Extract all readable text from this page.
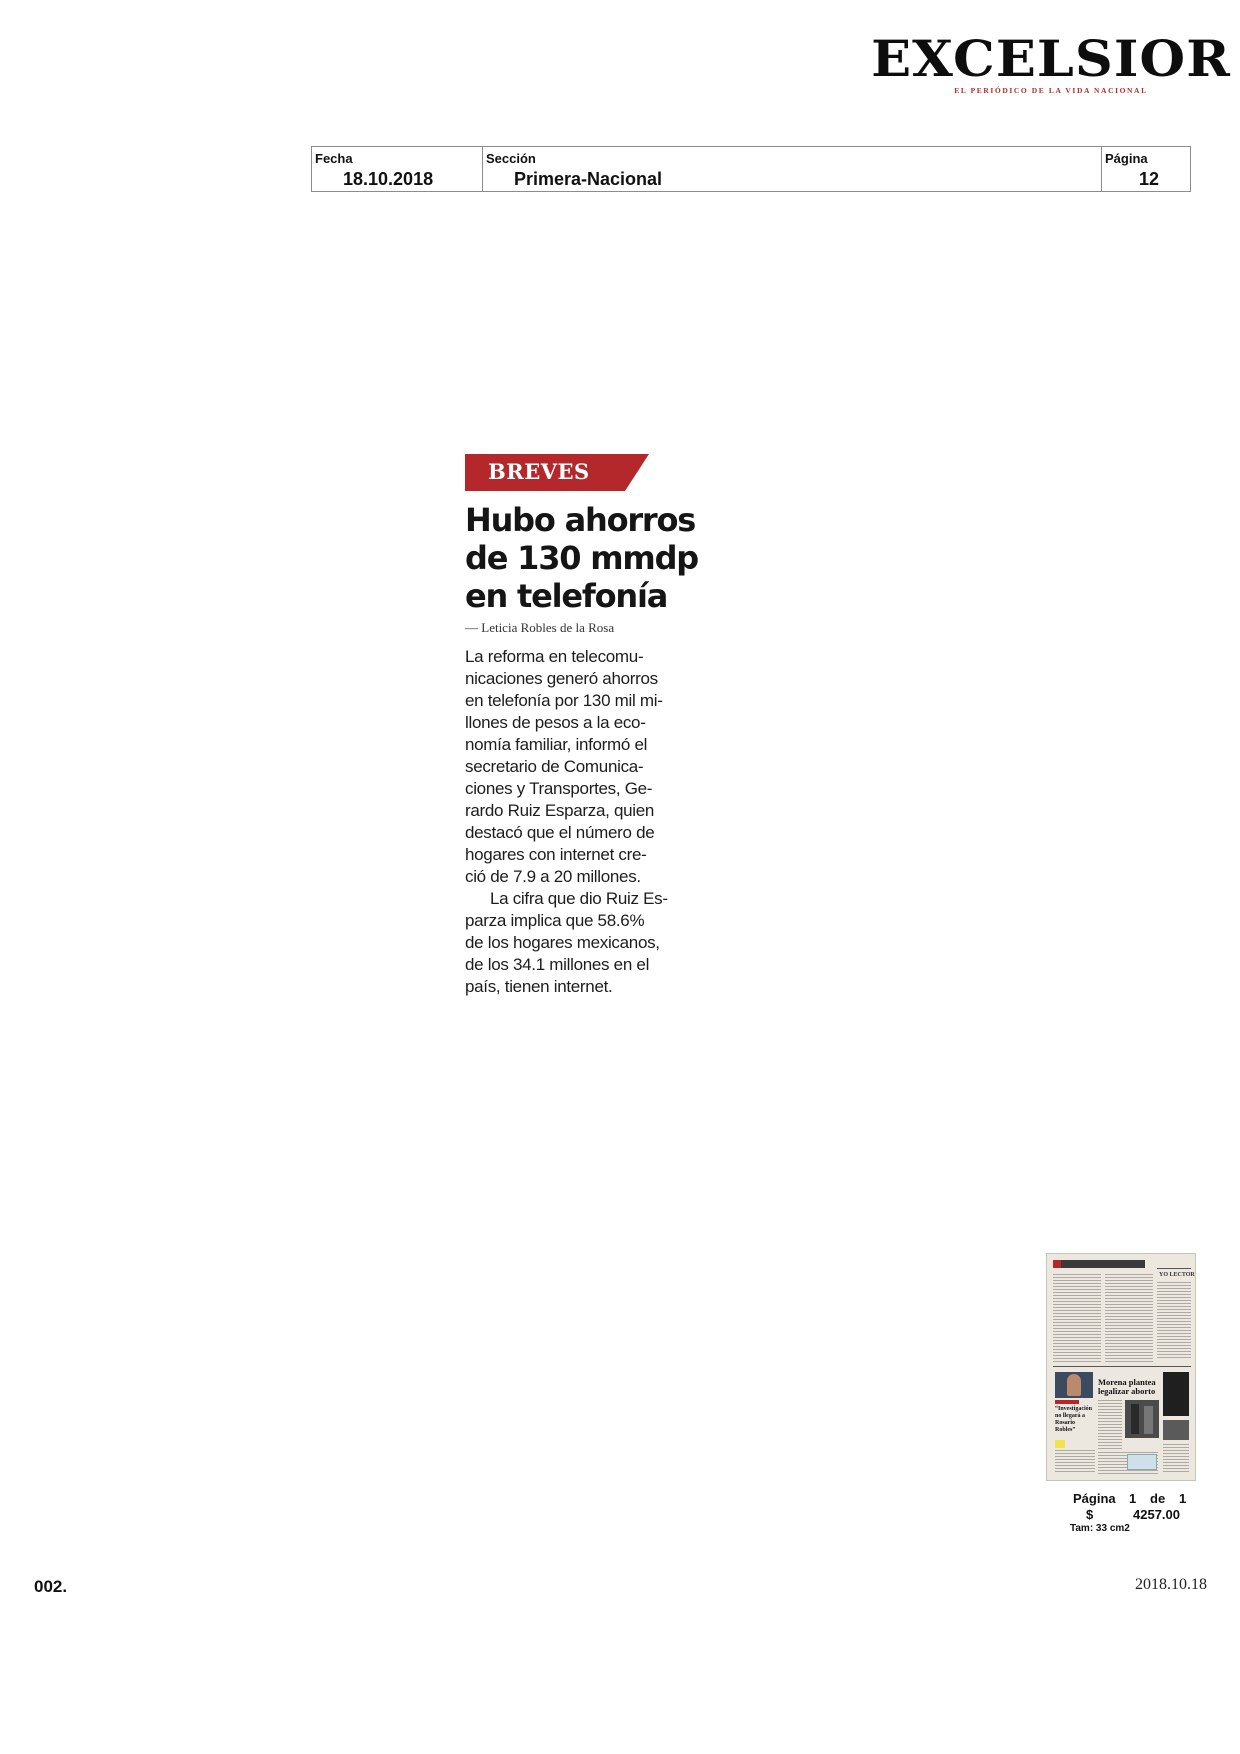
EXCELSIOR
EL PERIÓDICO DE LA VIDA NACIONAL
Fecha
18.10.2018
Sección
Primera-Nacional
Página
12
BREVES
Hubo ahorros
de 130 mmdp
en telefonía
— Leticia Robles de la Rosa
La reforma en telecomu-
nicaciones generó ahorros
en telefonía por 130 mil mi-
llones de pesos a la eco-
nomía familiar, informó el
secretario de Comunica-
ciones y Transportes, Ge-
rardo Ruiz Esparza, quien
destacó que el número de
hogares con internet cre-
ció de 7.9 a 20 millones.
La cifra que dio Ruiz Es-
parza implica que 58.6%
de los hogares mexicanos,
de los 34.1 millones en el
país, tienen internet.
YO LECTOR
Morena plantea legalizar aborto
“Investigación no llegará a Rosario Robles”
Página 1 de 1
$	4257.00
Tam: 33 cm2
002.	2018.10.18
